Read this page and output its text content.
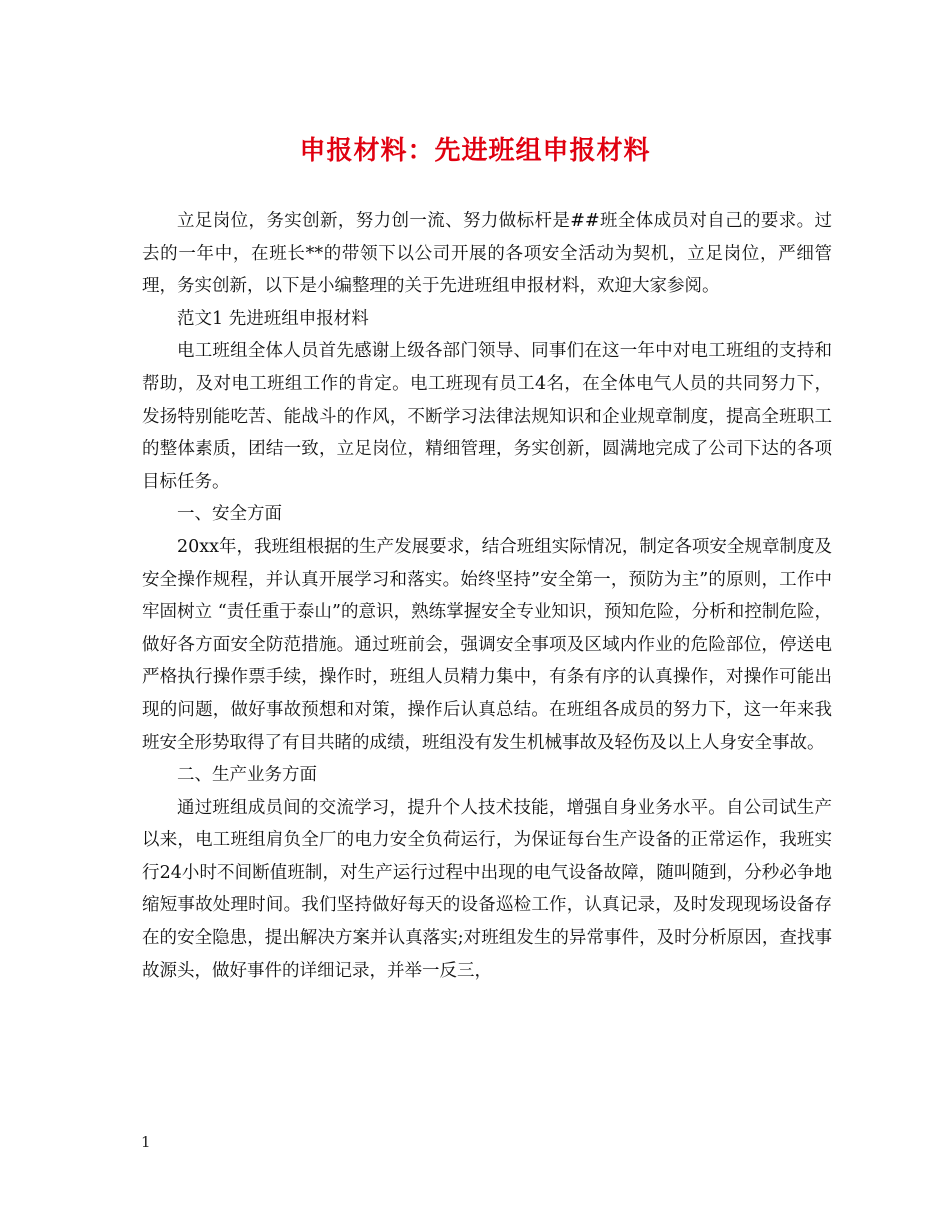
申报材料：先进班组申报材料

立足岗位，务实创新，努力创一流、努力做标杆是##班全体成员对自己的要求。过去的一年中，在班长**的带领下以公司开展的各项安全活动为契机，立足岗位，严细管理，务实创新，以下是小编整理的关于先进班组申报材料，欢迎大家参阅。

范文1 先进班组申报材料

电工班组全体人员首先感谢上级各部门领导、同事们在这一年中对电工班组的支持和帮助，及对电工班组工作的肯定。电工班现有员工4名，在全体电气人员的共同努力下，发扬特别能吃苦、能战斗的作风，不断学习法律法规知识和企业规章制度，提高全班职工的整体素质，团结一致，立足岗位，精细管理，务实创新，圆满地完成了公司下达的各项目标任务。

一、安全方面

20xx年，我班组根据的生产发展要求，结合班组实际情况，制定各项安全规章制度及安全操作规程，并认真开展学习和落实。始终坚持”安全第一，预防为主”的原则，工作中牢固树立 “责任重于泰山”的意识，熟练掌握安全专业知识，预知危险，分析和控制危险，做好各方面安全防范措施。通过班前会，强调安全事项及区域内作业的危险部位，停送电严格执行操作票手续，操作时，班组人员精力集中，有条有序的认真操作，对操作可能出现的问题，做好事故预想和对策，操作后认真总结。在班组各成员的努力下，这一年来我班安全形势取得了有目共睹的成绩，班组没有发生机械事故及轻伤及以上人身安全事故。

二、生产业务方面

通过班组成员间的交流学习，提升个人技术技能，增强自身业务水平。自公司试生产以来，电工班组肩负全厂的电力安全负荷运行，为保证每台生产设备的正常运作，我班实行24小时不间断值班制，对生产运行过程中出现的电气设备故障，随叫随到，分秒必争地缩短事故处理时间。我们坚持做好每天的设备巡检工作，认真记录，及时发现现场设备存在的安全隐患，提出解决方案并认真落实;对班组发生的异常事件，及时分析原因，查找事故源头，做好事件的详细记录，并举一反三，

1
